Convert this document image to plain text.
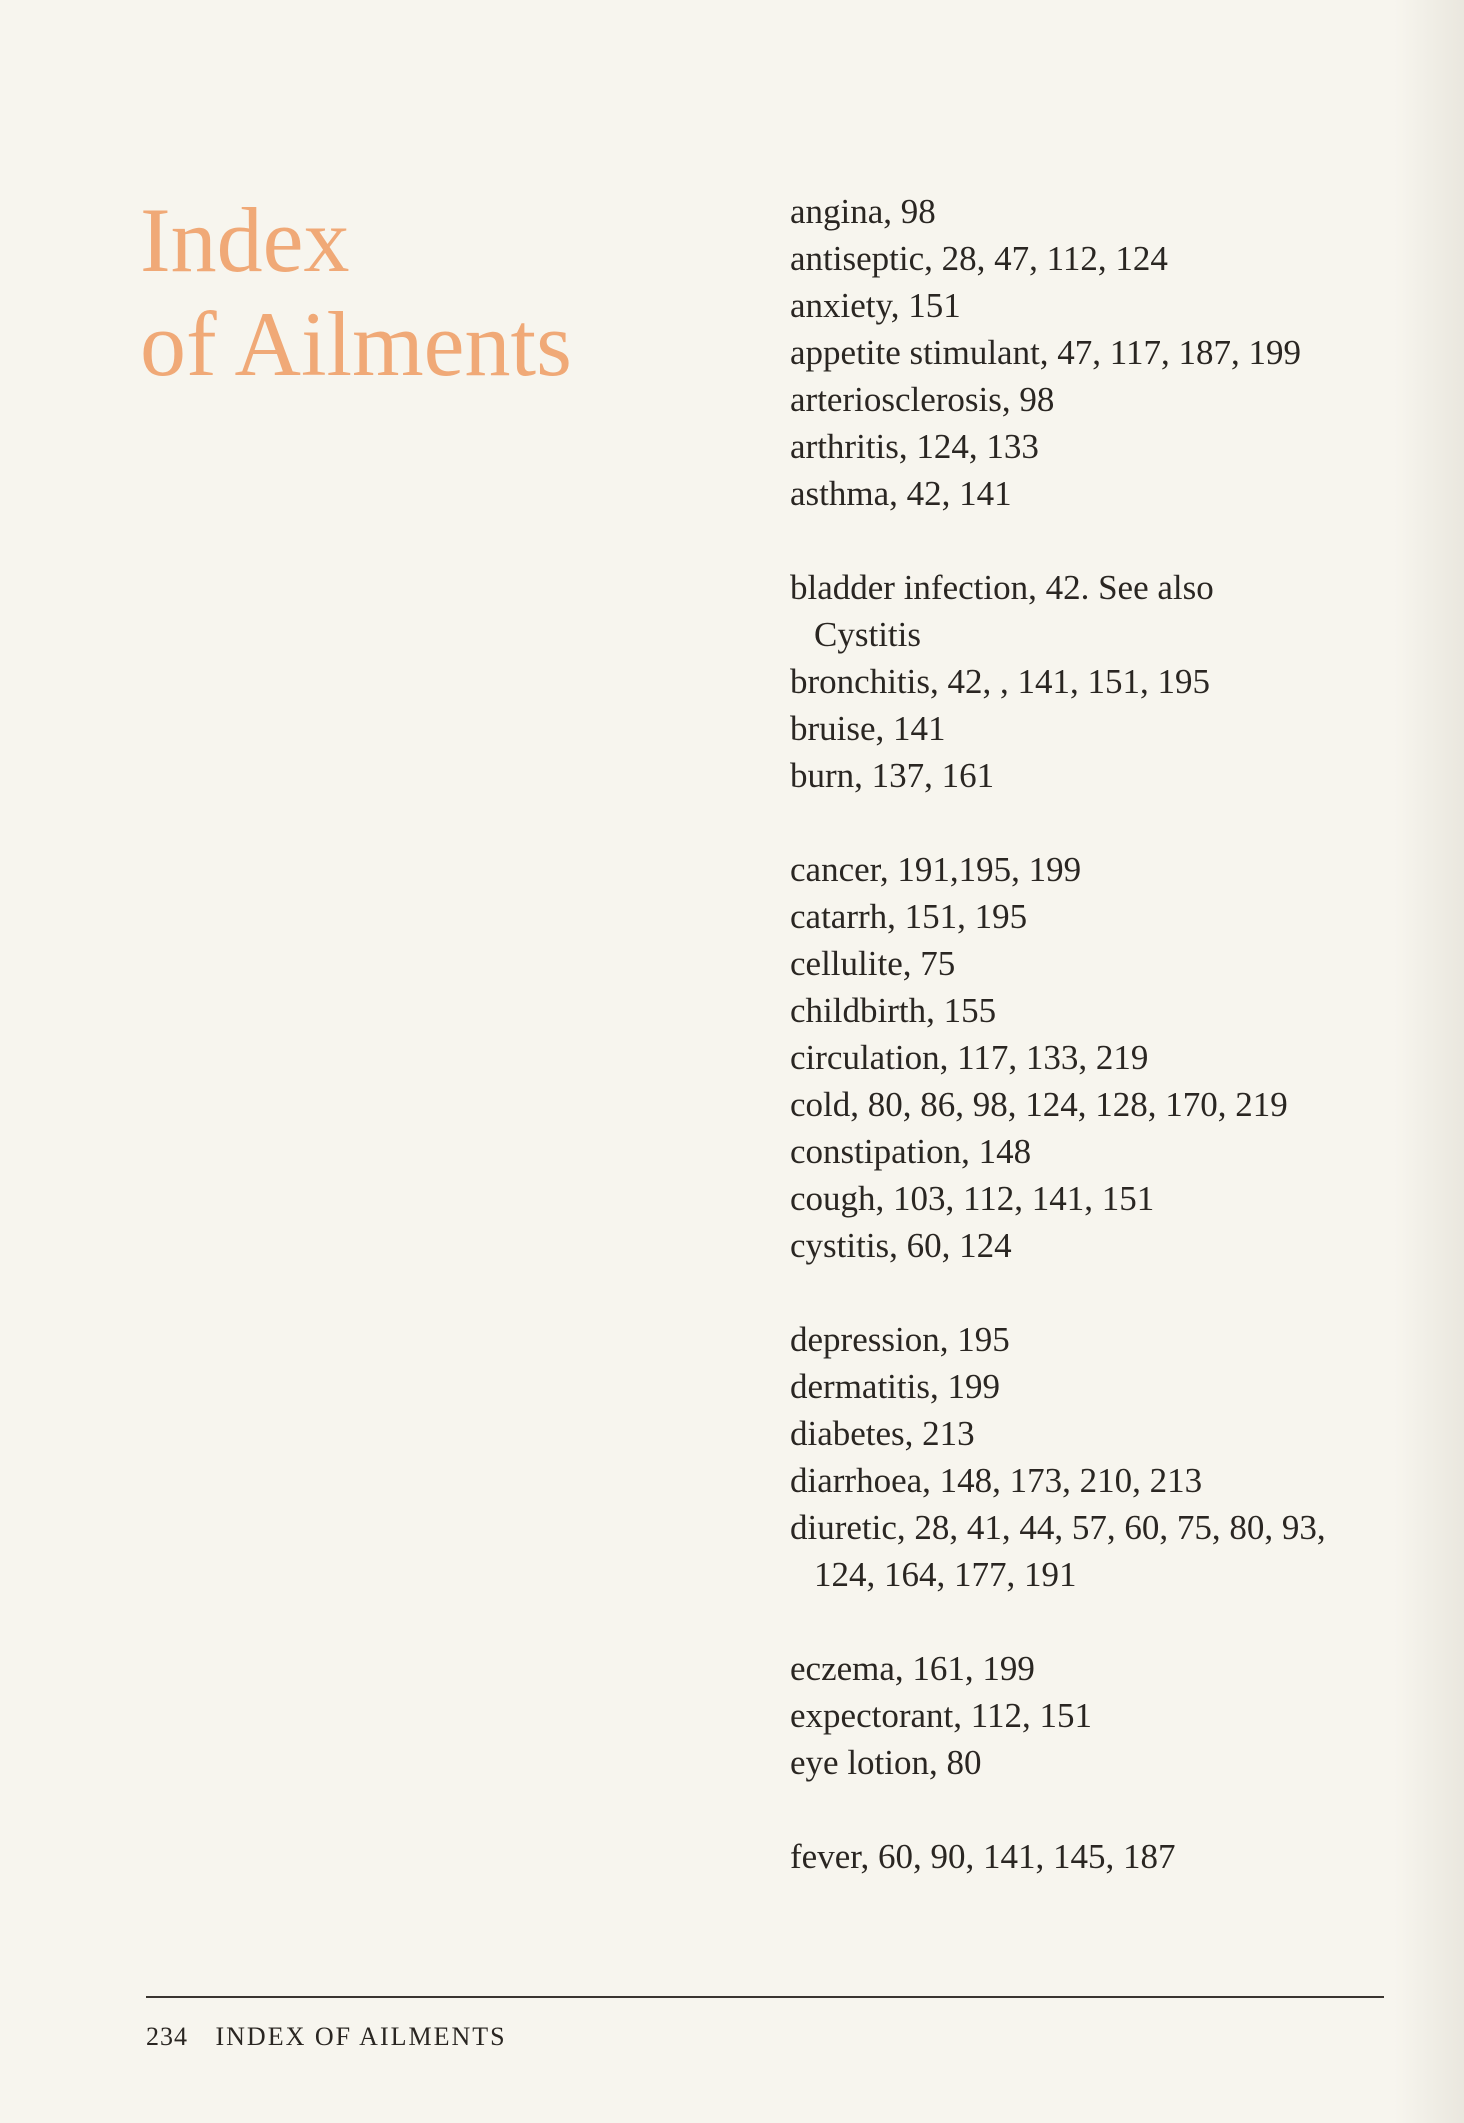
Index
of Ailments
angina, 98
antiseptic, 28, 47, 112, 124
anxiety, 151
appetite stimulant, 47, 117, 187, 199
arteriosclerosis, 98
arthritis, 124, 133
asthma, 42, 141
bladder infection, 42. See also Cystitis
bronchitis, 42, , 141, 151, 195
bruise, 141
burn, 137, 161
cancer, 191,195, 199
catarrh, 151, 195
cellulite, 75
childbirth, 155
circulation, 117, 133, 219
cold, 80, 86, 98, 124, 128, 170, 219
constipation, 148
cough, 103, 112, 141, 151
cystitis, 60, 124
depression, 195
dermatitis, 199
diabetes, 213
diarrhoea, 148, 173, 210, 213
diuretic, 28, 41, 44, 57, 60, 75, 80, 93, 124, 164, 177, 191
eczema, 161, 199
expectorant, 112, 151
eye lotion, 80
fever, 60, 90, 141, 145, 187
234 INDEX OF AILMENTS
